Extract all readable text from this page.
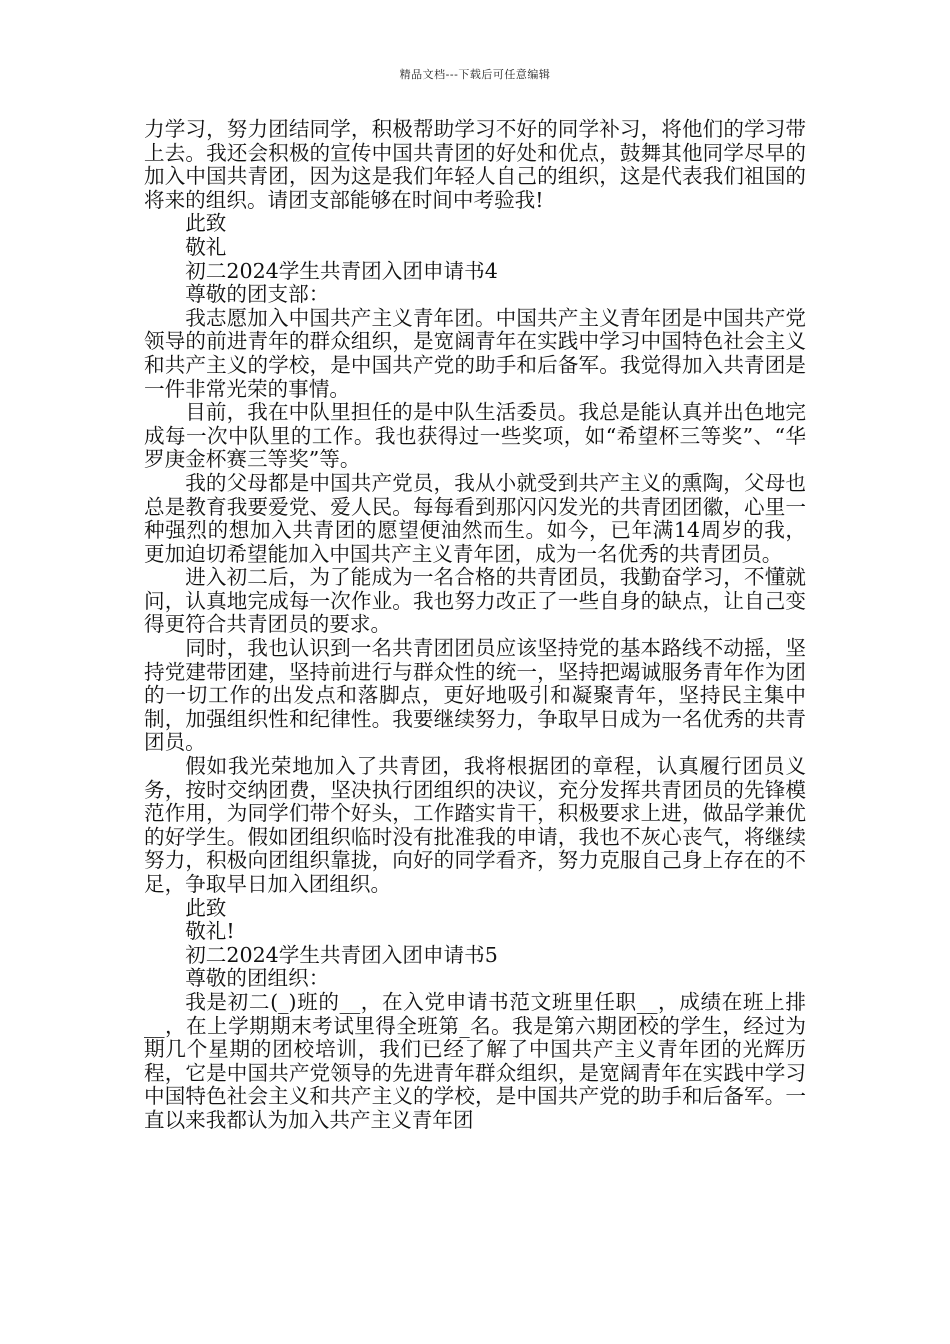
精品文档---下载后可任意编辑

力学习，努力团结同学，积极帮助学习不好的同学补习，将他们的学习带上去。我还会积极的宣传中国共青团的好处和优点，鼓舞其他同学尽早的加入中国共青团，因为这是我们年轻人自己的组织，这是代表我们祖国的将来的组织。请团支部能够在时间中考验我!

此致

敬礼

初二2024学生共青团入团申请书4

尊敬的团支部：

我志愿加入中国共产主义青年团。中国共产主义青年团是中国共产党领导的前进青年的群众组织，是宽阔青年在实践中学习中国特色社会主义和共产主义的学校，是中国共产党的助手和后备军。我觉得加入共青团是一件非常光荣的事情。

目前，我在中队里担任的是中队生活委员。我总是能认真并出色地完成每一次中队里的工作。我也获得过一些奖项，如“希望杯三等奖”、“华罗庚金杯赛三等奖”等。

我的父母都是中国共产党员，我从小就受到共产主义的熏陶，父母也总是教育我要爱党、爱人民。每每看到那闪闪发光的共青团团徽，心里一种强烈的想加入共青团的愿望便油然而生。如今，已年满14周岁的我，更加迫切希望能加入中国共产主义青年团，成为一名优秀的共青团员。

进入初二后，为了能成为一名合格的共青团员，我勤奋学习，不懂就问，认真地完成每一次作业。我也努力改正了一些自身的缺点，让自己变得更符合共青团员的要求。

同时，我也认识到一名共青团团员应该坚持党的基本路线不动摇，坚持党建带团建，坚持前进行与群众性的统一，坚持把竭诚服务青年作为团的一切工作的出发点和落脚点，更好地吸引和凝聚青年，坚持民主集中制，加强组织性和纪律性。我要继续努力，争取早日成为一名优秀的共青团员。

假如我光荣地加入了共青团，我将根据团的章程，认真履行团员义务，按时交纳团费，坚决执行团组织的决议，充分发挥共青团员的先锋模范作用，为同学们带个好头，工作踏实肯干，积极要求上进，做品学兼优的好学生。假如团组织临时没有批准我的申请，我也不灰心丧气，将继续努力，积极向团组织靠拢，向好的同学看齐，努力克服自己身上存在的不足，争取早日加入团组织。

此致

敬礼!

初二2024学生共青团入团申请书5

尊敬的团组织：

我是初二(_)班的__，在入党申请书范文班里任职__，成绩在班上排__，在上学期期末考试里得全班第_名。我是第六期团校的学生，经过为期几个星期的团校培训，我们已经了解了中国共产主义青年团的光辉历程，它是中国共产党领导的先进青年群众组织，是宽阔青年在实践中学习中国特色社会主义和共产主义的学校，是中国共产党的助手和后备军。一直以来我都认为加入共产主义青年团
